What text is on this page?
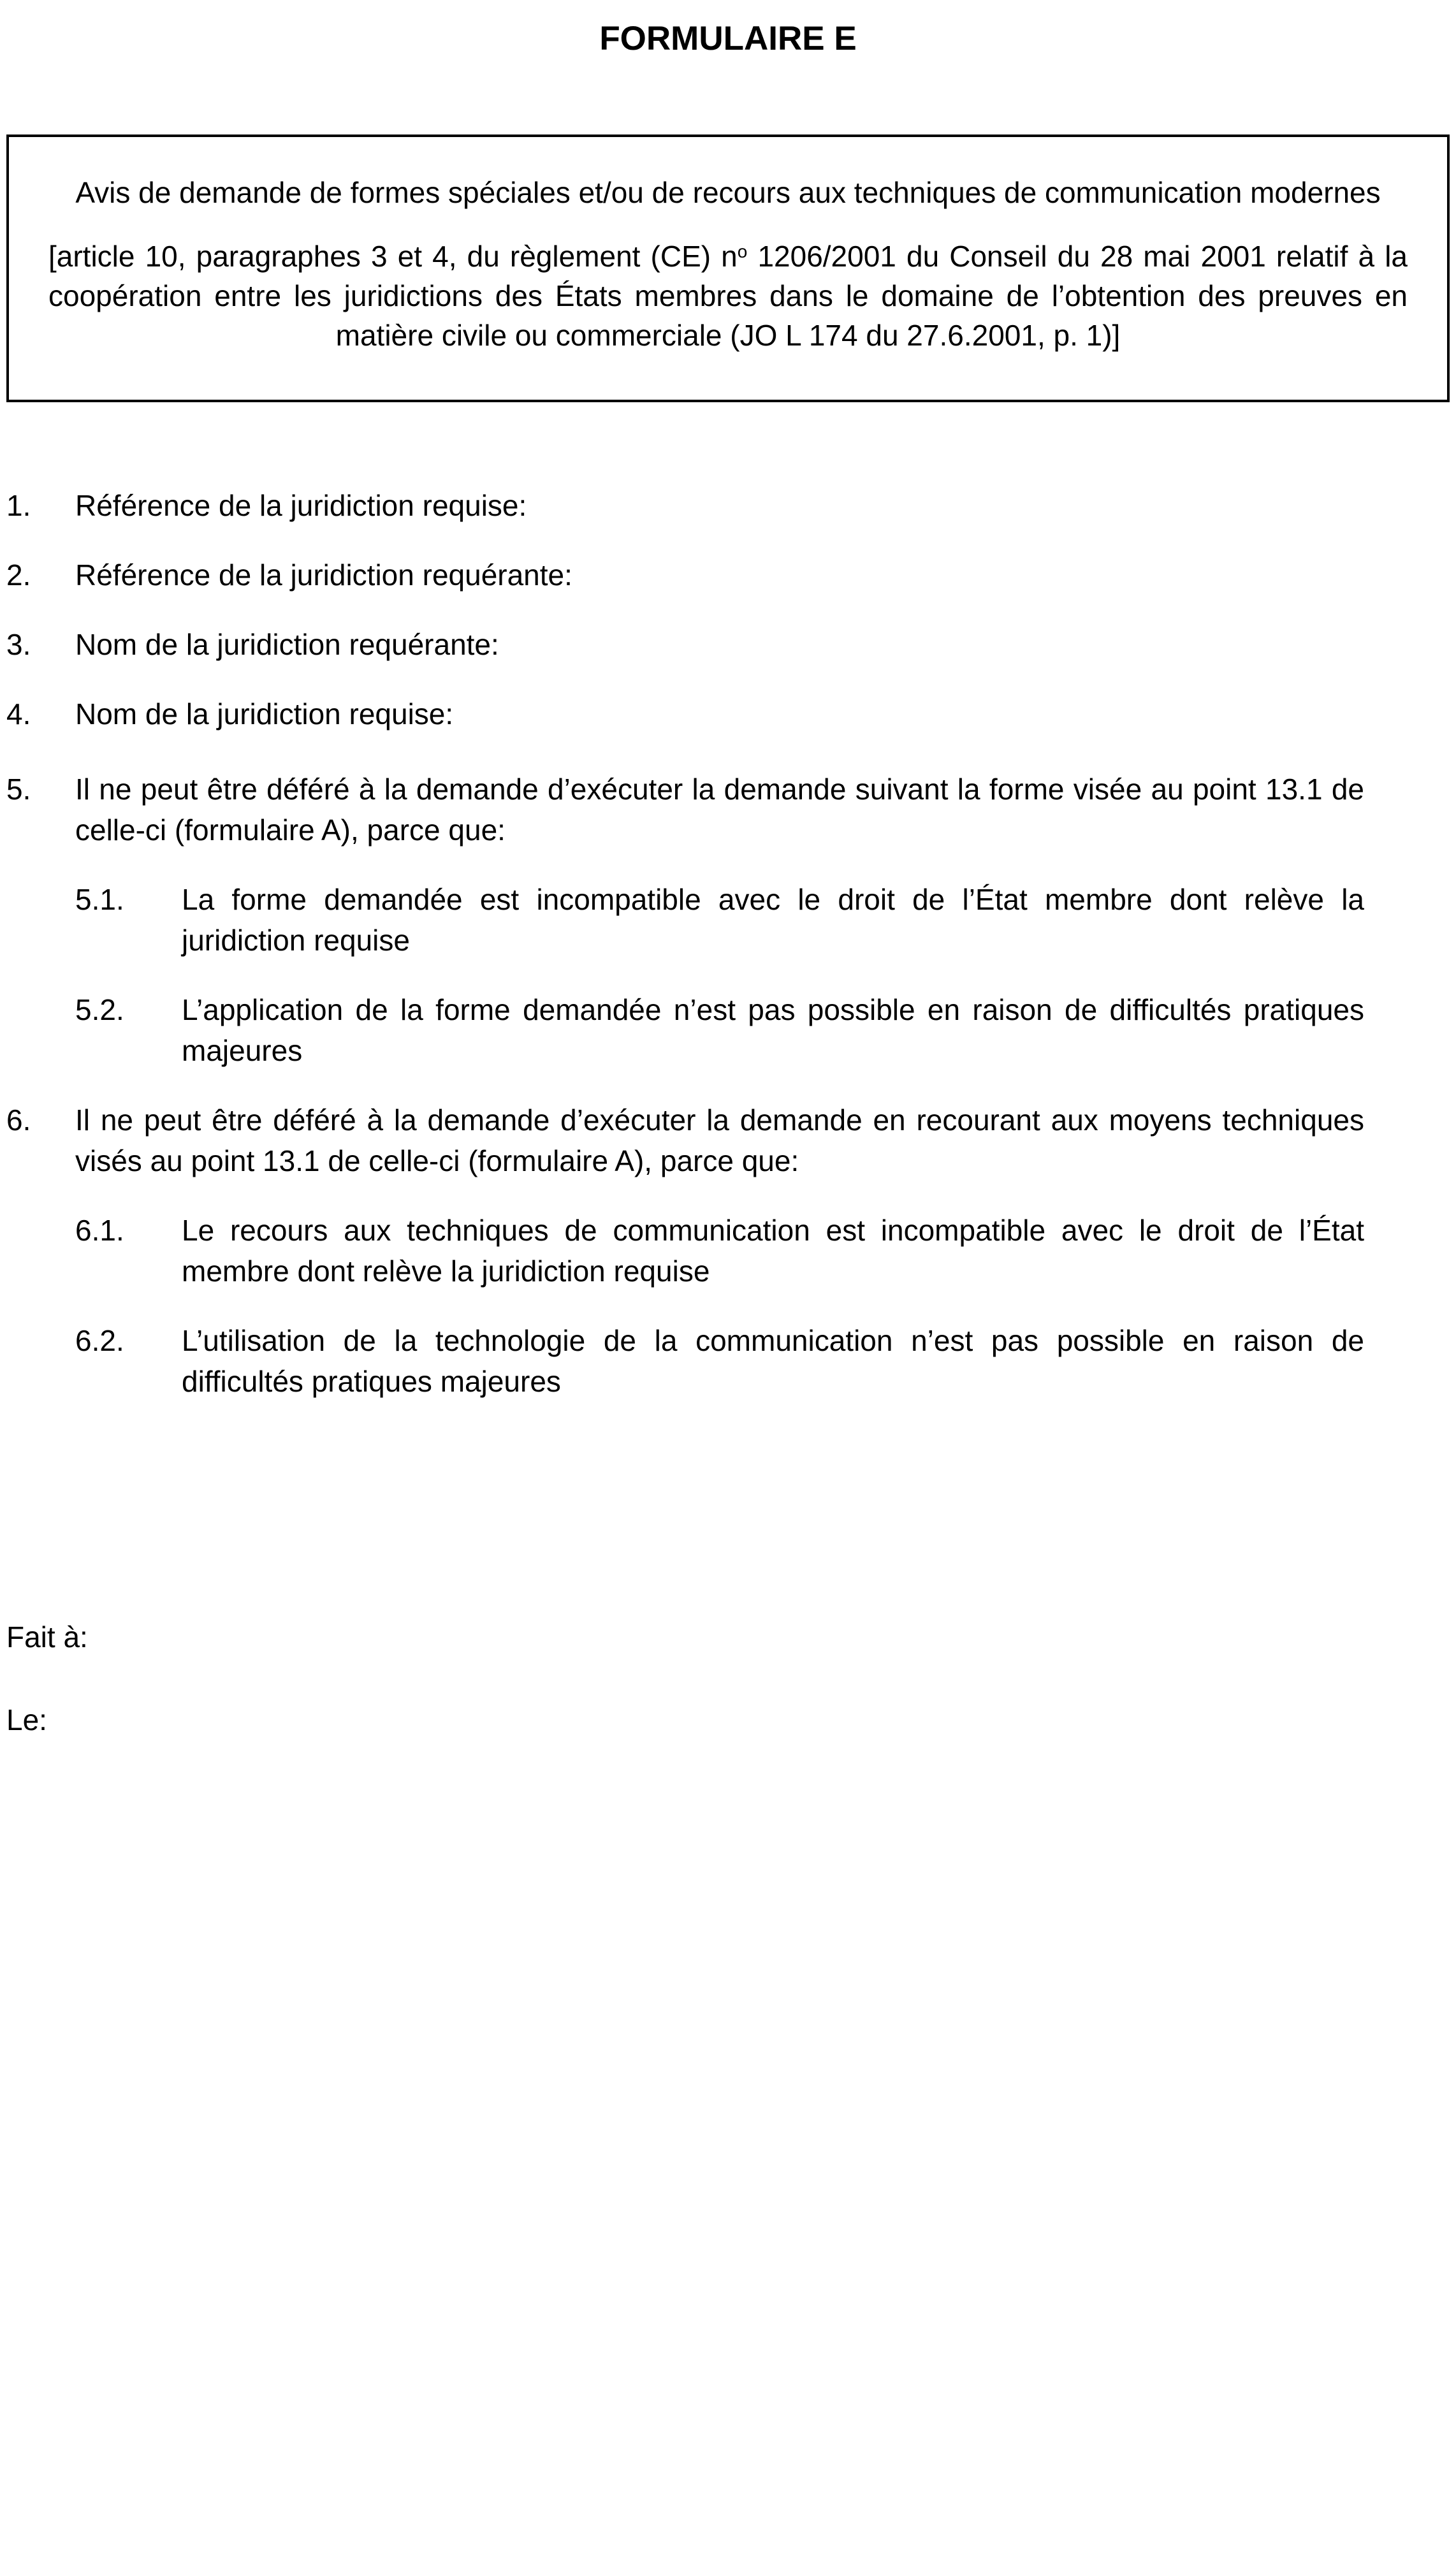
FORMULAIRE E

Avis de demande de formes spéciales et/ou de recours aux techniques de communication modernes

[article 10, paragraphes 3 et 4, du règlement (CE) $n^o$ 1206/2001 du Conseil du 28 mai 2001 relatif à la coopération entre les juridictions des États membres dans le domaine de l’obtention des preuves en matière civile ou commerciale (JO L 174 du 27.6.2001, p. 1)]

1.	Référence de la juridiction requise:
2.	Référence de la juridiction requérante:
3.	Nom de la juridiction requérante:
4.	Nom de la juridiction requise:
5.	Il ne peut être déféré à la demande d’exécuter la demande suivant la forme visée au point 13.1 de celle-ci (formulaire A), parce que:
5.1.	La forme demandée est incompatible avec le droit de l’État membre dont relève la juridiction requise
5.2.	L’application de la forme demandée n’est pas possible en raison de difficultés pratiques majeures
6.	Il ne peut être déféré à la demande d’exécuter la demande en recourant aux moyens techniques visés au point 13.1 de celle-ci (formulaire A), parce que:
6.1.	Le recours aux techniques de communication est incompatible avec le droit de l’État membre dont relève la juridiction requise
6.2.	L’utilisation de la technologie de la communication n’est pas possible en raison de difficultés pratiques majeures
Fait à:
Le:
